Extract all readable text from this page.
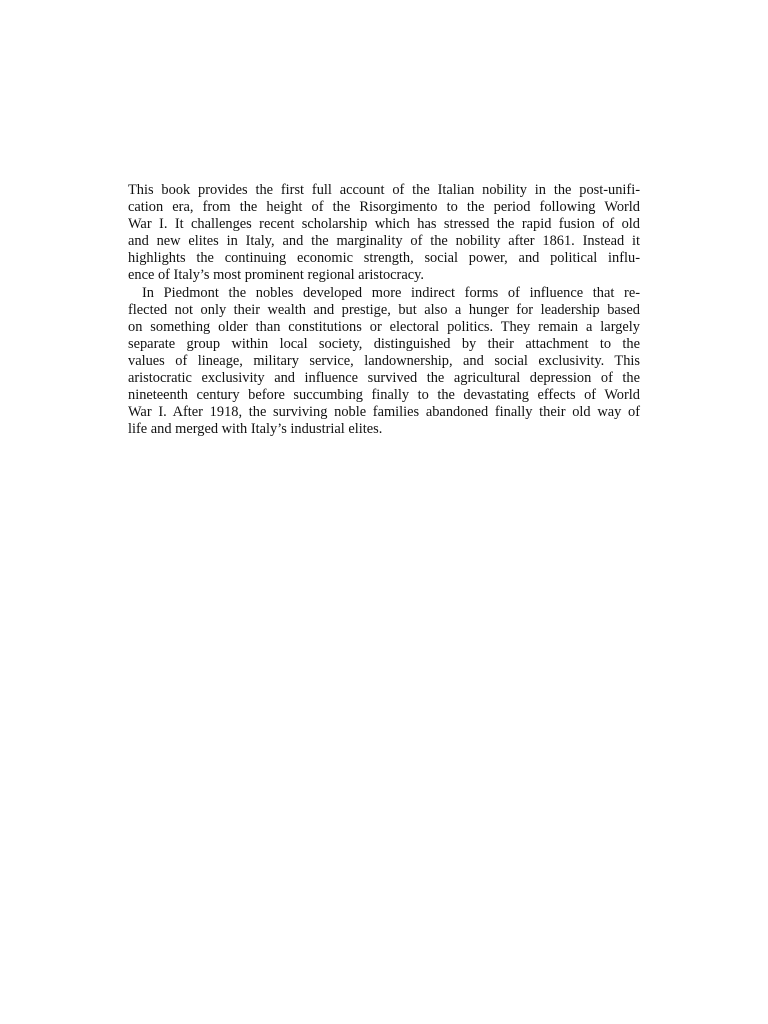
This book provides the first full account of the Italian nobility in the post-unifi-
cation era, from the height of the Risorgimento to the period following World
War I. It challenges recent scholarship which has stressed the rapid fusion of old
and new elites in Italy, and the marginality of the nobility after 1861. Instead it
highlights the continuing economic strength, social power, and political influ-
ence of Italy’s most prominent regional aristocracy.
In Piedmont the nobles developed more indirect forms of influence that re-
flected not only their wealth and prestige, but also a hunger for leadership based
on something older than constitutions or electoral politics. They remain a largely
separate group within local society, distinguished by their attachment to the
values of lineage, military service, landownership, and social exclusivity. This
aristocratic exclusivity and influence survived the agricultural depression of the
nineteenth century before succumbing finally to the devastating effects of World
War I. After 1918, the surviving noble families abandoned finally their old way of
life and merged with Italy’s industrial elites.
